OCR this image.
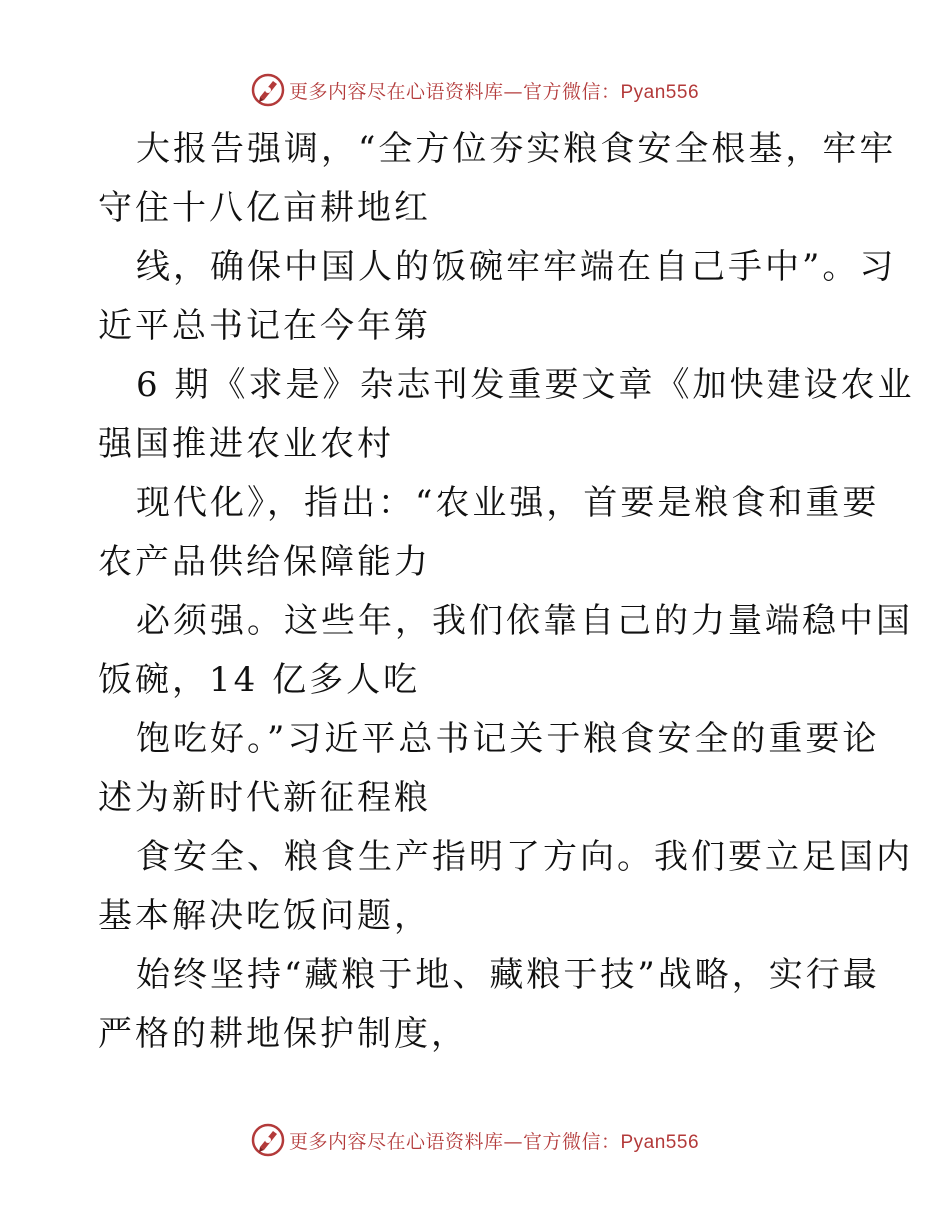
更多内容尽在心语资料库—官方微信：Pyan556

大报告强调，“全方位夯实粮食安全根基，牢牢

守住十八亿亩耕地红

线，确保中国人的饭碗牢牢端在自己手中”。习

近平总书记在今年第

6 期《求是》杂志刊发重要文章《加快建设农业

强国推进农业农村

现代化》，指出：“农业强，首要是粮食和重要

农产品供给保障能力

必须强。这些年，我们依靠自己的力量端稳中国

饭碗，14 亿多人吃

饱吃好。”习近平总书记关于粮食安全的重要论

述为新时代新征程粮

食安全、粮食生产指明了方向。我们要立足国内

基本解决吃饭问题，

始终坚持“藏粮于地、藏粮于技”战略，实行最

严格的耕地保护制度，

更多内容尽在心语资料库—官方微信：Pyan556
